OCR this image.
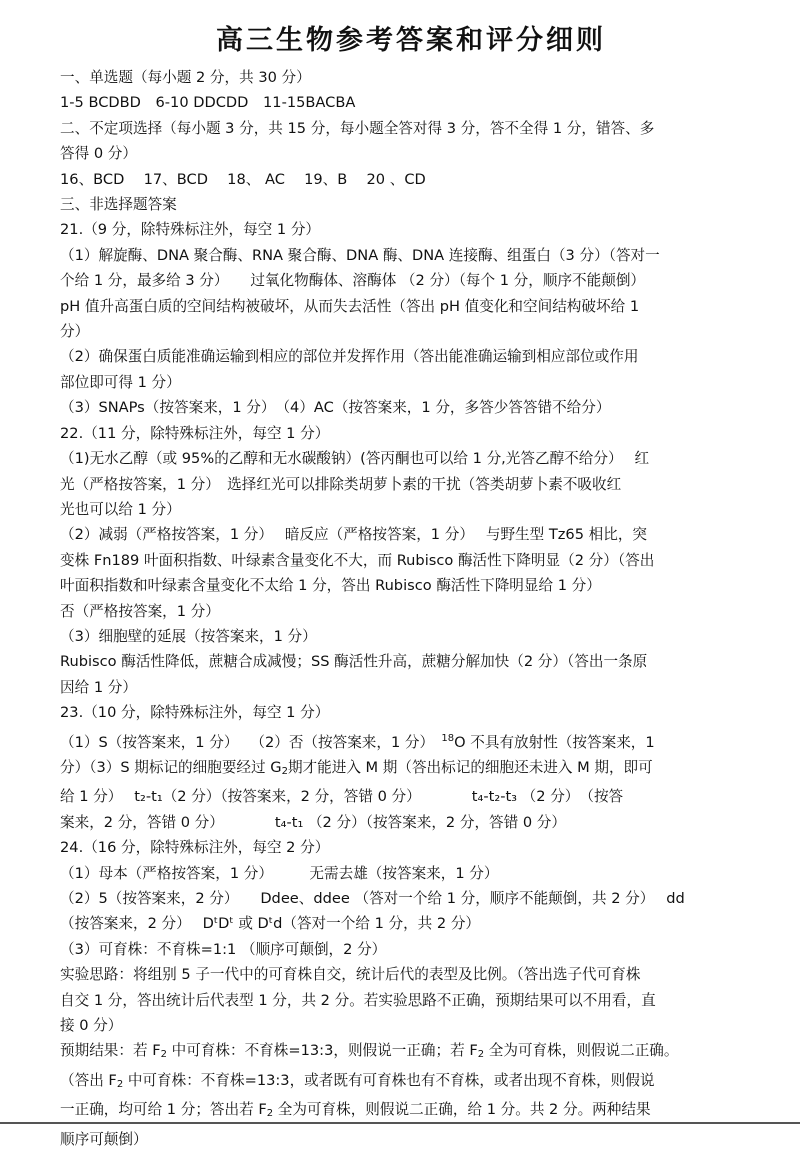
高三生物参考答案和评分细则

一、单选题（每小题 2 分，共 30 分）

1-5 BCDBD　6-10 DDCDD　11-15BACBA

二、不定项选择（每小题 3 分，共 15 分，每小题全答对得 3 分，答不全得 1 分，错答、多

答得 0 分）

16、BCD　 17、BCD　 18、 AC　 19、B　 20 、CD

三、非选择题答案

21.（9 分，除特殊标注外，每空 1 分）

（1）解旋酶、DNA 聚合酶、RNA 聚合酶、DNA 酶、DNA 连接酶、组蛋白（3 分）（答对一

个给 1 分，最多给 3 分）　　过氧化物酶体、溶酶体 （2 分）（每个 1 分，顺序不能颠倒）

pH 值升高蛋白质的空间结构被破坏，从而失去活性（答出 pH 值变化和空间结构破坏给 1

分）

（2）确保蛋白质能准确运输到相应的部位并发挥作用（答出能准确运输到相应部位或作用

部位即可得 1 分）

（3）SNAPs（按答案来，1 分）　（4）AC（按答案来，1 分，多答少答答错不给分）

22.（11 分，除特殊标注外，每空 1 分）

（1)无水乙醇（或 95%的乙醇和无水碳酸钠）(答丙酮也可以给 1 分,光答乙醇不给分）　 红

光（严格按答案，1 分）　选择红光可以排除类胡萝卜素的干扰（答类胡萝卜素不吸收红

光也可以给 1 分）

（2）减弱（严格按答案，1 分）　 暗反应（严格按答案，1 分）　 与野生型 Tz65 相比，突

变株 Fn189 叶面积指数、叶绿素含量变化不大，而 Rubisco 酶活性下降明显（2 分）（答出

叶面积指数和叶绿素含量变化不太给 1 分，答出 Rubisco 酶活性下降明显给 1 分）

否（严格按答案，1 分）

（3）细胞壁的延展（按答案来，1 分）

Rubisco 酶活性降低，蔗糖合成减慢；SS 酶活性升高，蔗糖分解加快（2 分）（答出一条原

因给 1 分）

23.（10 分，除特殊标注外，每空 1 分）

（1）S（按答案来，1 分）　 （2）否（按答案来，1 分）　$^{18}$O 不具有放射性（按答案来，1

分）（3）S 期标记的细胞要经过 $G_2$期才能进入 M 期（答出标记的细胞还未进入 M 期，即可

给 1 分）　 t₂-t₁（2 分）（按答案来，2 分，答错 0 分）　　　　t₄-t₂-t₃ （2 分）　（按答

案来，2 分，答错 0 分）　　　　t₄-t₁ （2 分）（按答案来，2 分，答错 0 分）

24.（16 分，除特殊标注外，每空 2 分）

（1）母本（严格按答案，1 分）　　　无需去雄（按答案来，1 分）

（2）5（按答案来，2 分）　　Ddee、ddee （答对一个给 1 分，顺序不能颠倒，共 2 分）　 dd

（按答案来，2 分）　 DᵗDᵗ 或 Dᵗd（答对一个给 1 分，共 2 分）

（3）可育株：不育株=1:1 （顺序可颠倒，2 分）

实验思路：将组别 5 子一代中的可育株自交，统计后代的表型及比例。（答出选子代可育株

自交 1 分，答出统计后代表型 1 分，共 2 分。若实验思路不正确，预期结果可以不用看，直

接 0 分）

预期结果：若 $F_2$ 中可育株：不育株=13:3，则假说一正确；若 $F_2$ 全为可育株，则假说二正确。

（答出 $F_2$ 中可育株：不育株=13:3，或者既有可育株也有不育株，或者出现不育株，则假说

一正确，均可给 1 分；答出若 $F_2$ 全为可育株，则假说二正确，给 1 分。共 2 分。两种结果

顺序可颠倒）
